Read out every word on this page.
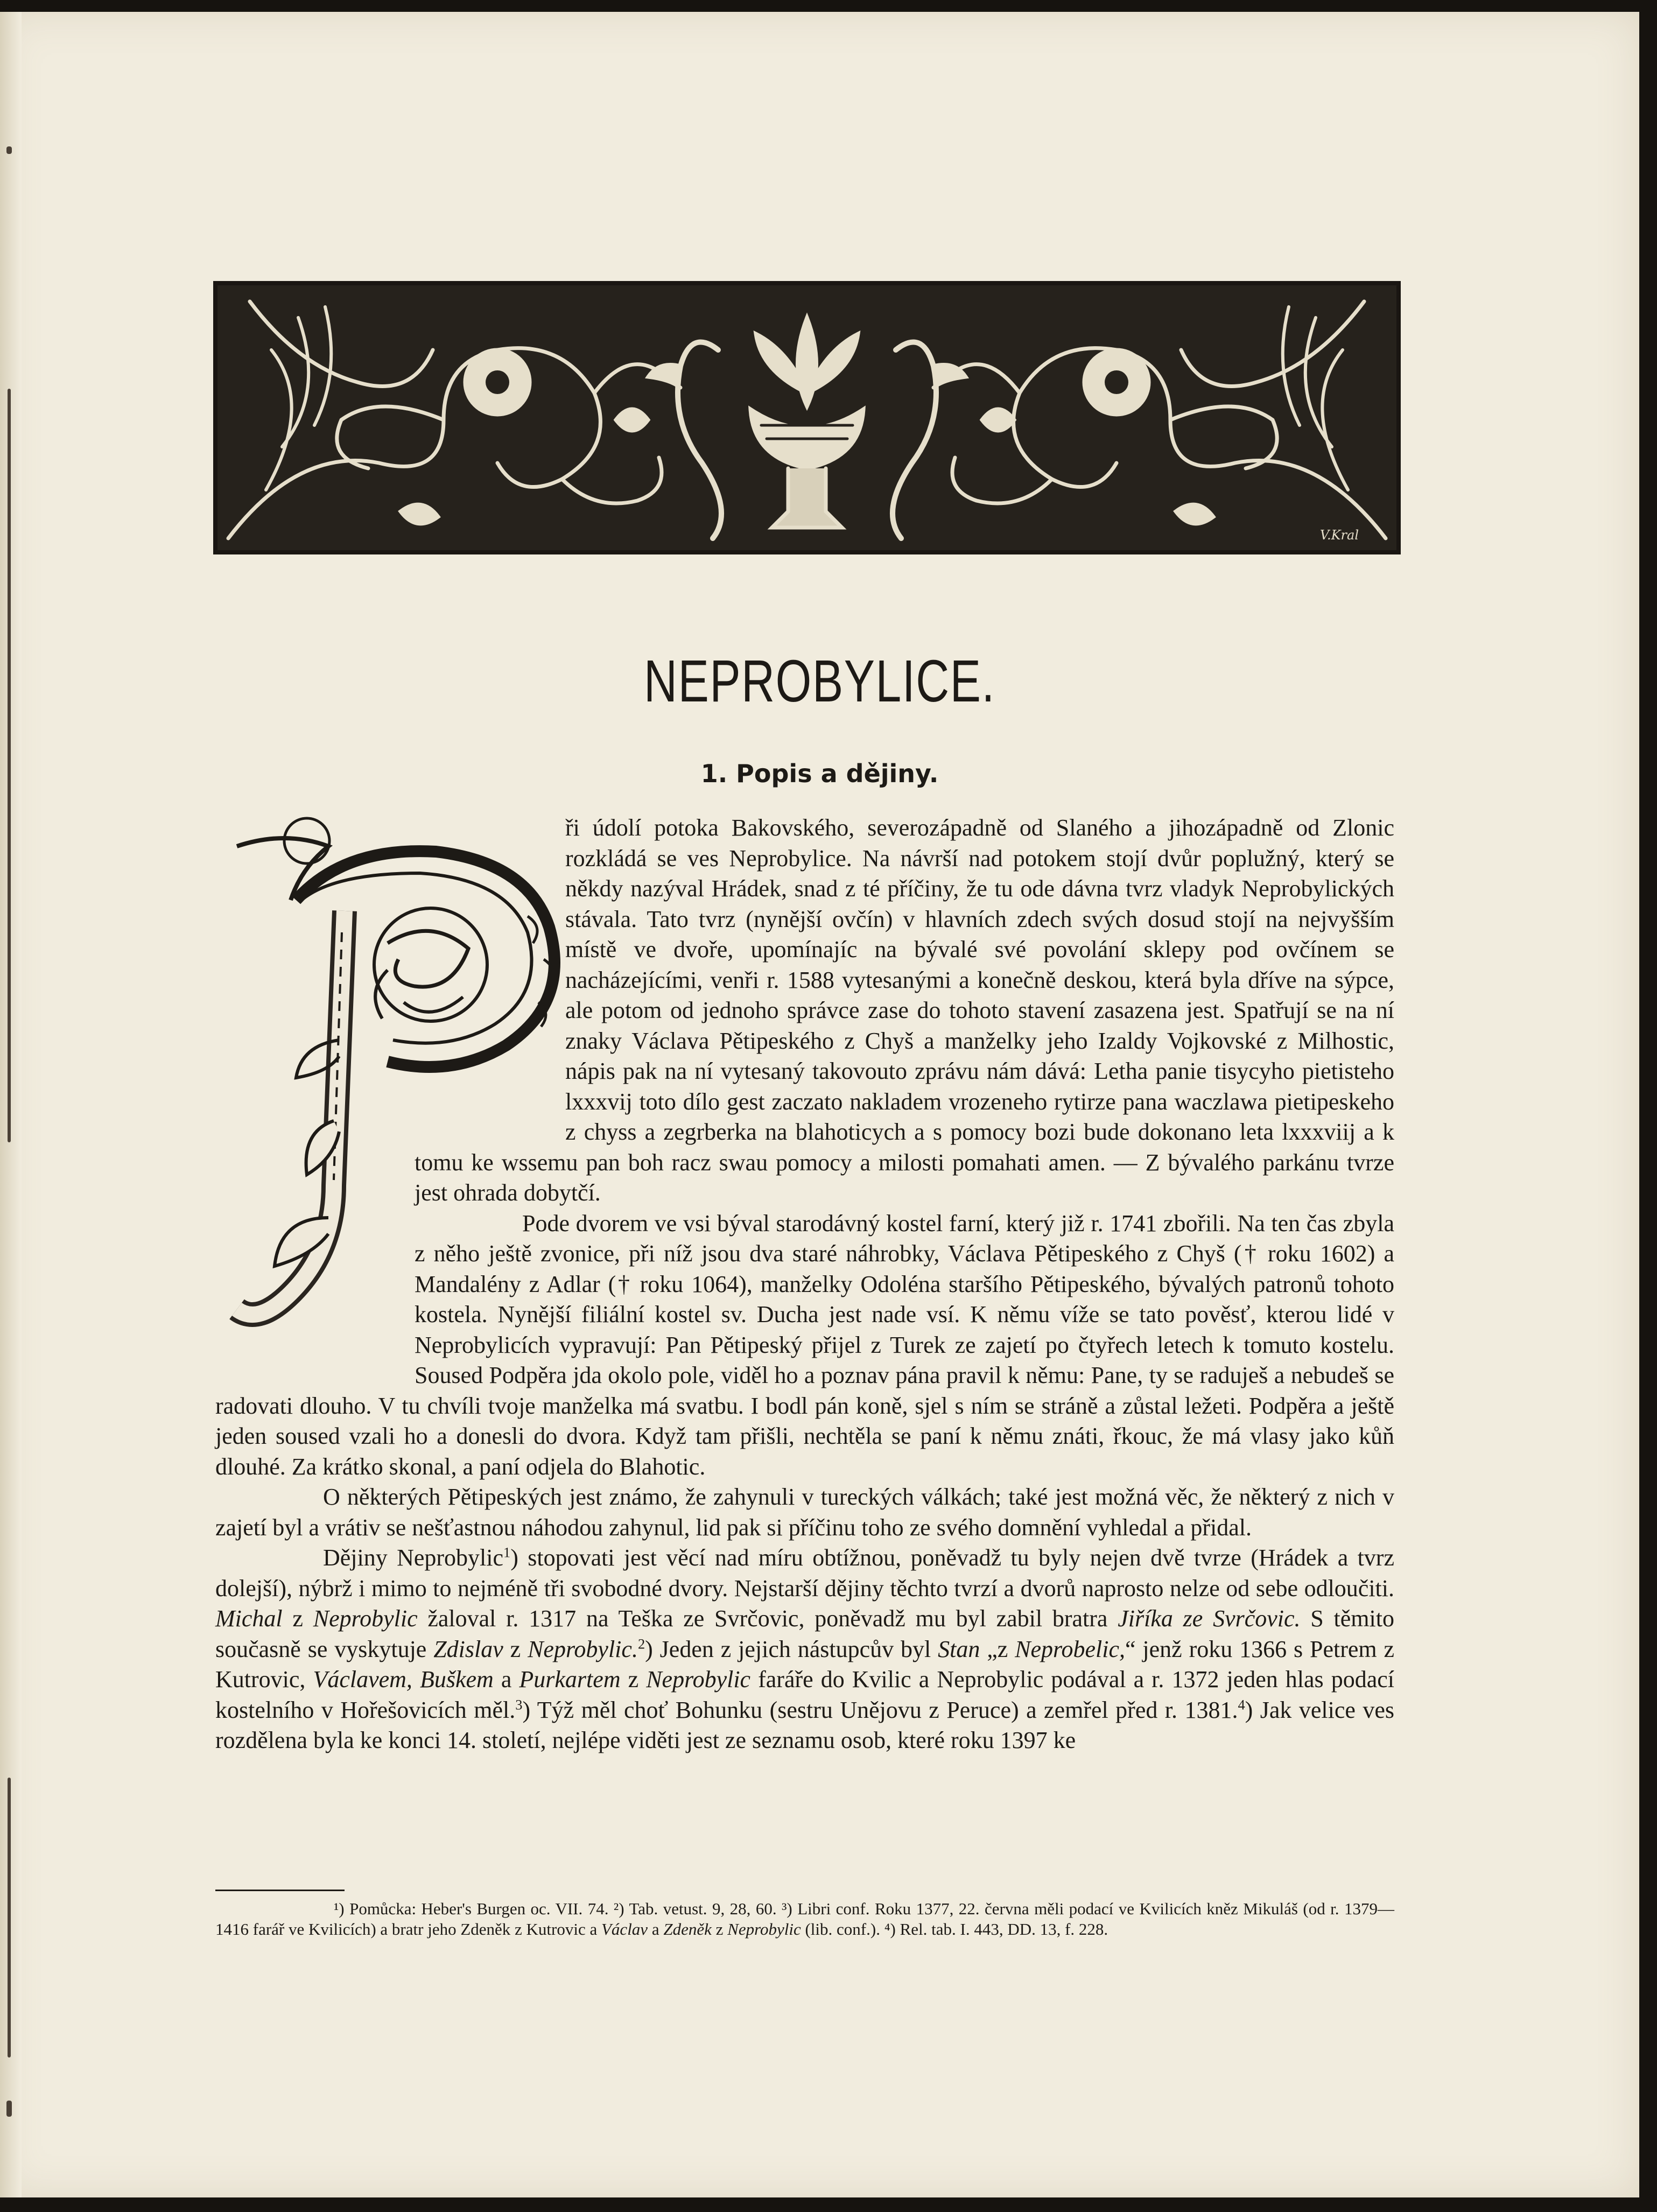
V.Kral
NEPROBYLICE.
1. Popis a dějiny.

ři údolí potoka Bakovského, severozápadně od Slaného a jihozápadně od Zlonic rozkládá se ves Neprobylice. Na návrší nad potokem stojí dvůr poplužný, který se někdy nazýval Hrádek, snad z té příčiny, že tu ode dávna tvrz vladyk Neprobylických stávala. Tato tvrz (nynější ovčín) v hlavních zdech svých dosud stojí na nejvyšším místě ve dvoře, upomínajíc na bývalé své povolání sklepy pod ovčínem se nacházejícími, venři r. 1588 vytesanými a konečně deskou, která byla dříve na sýpce, ale potom od jednoho správce zase do tohoto stavení zasazena jest. Spatřují se na ní znaky Václava Pětipeského z Chyš a manželky jeho Izaldy Vojkovské z Milhostic, nápis pak na ní vytesaný takovouto zprávu nám dává: Letha panie tisycyho pietisteho lxxxvij toto dílo gest zaczato nakladem vrozeneho rytirze pana waczlawa pietipeskeho z chyss a zegrberka na blahoticych a s pomocy bozi bude dokonano leta lxxxviij a k tomu ke wssemu pan boh racz swau pomocy a milosti pomahati amen. — Z bývalého parkánu tvrze jest ohrada dobytčí.

Pode dvorem ve vsi býval starodávný kostel farní, který již r. 1741 zbořili. Na ten čas zbyla z něho ještě zvonice, při níž jsou dva staré náhrobky, Václava Pětipeského z Chyš († roku 1602) a Mandalény z Adlar († roku 1064), manželky Odoléna staršího Pětipeského, bývalých patronů tohoto kostela. Nynější filiální kostel sv. Ducha jest nade vsí. K němu víže se tato pověsť, kterou lidé v Neprobylicích vypravují: Pan Pětipeský přijel z Turek ze zajetí po čtyřech letech k tomuto kostelu. Soused Podpěra jda okolo pole, viděl ho a poznav pána pravil k němu: Pane, ty se raduješ a nebudeš se radovati dlouho. V tu chvíli tvoje manželka má svatbu. I bodl pán koně, sjel s ním se stráně a zůstal ležeti. Podpěra a ještě jeden soused vzali ho a donesli do dvora. Když tam přišli, nechtěla se paní k němu znáti, řkouc, že má vlasy jako kůň dlouhé. Za krátko skonal, a paní odjela do Blahotic.

O některých Pětipeských jest známo, že zahynuli v tureckých válkách; také jest možná věc, že některý z nich v zajetí byl a vrátiv se nešťastnou náhodou zahynul, lid pak si příčinu toho ze svého domnění vyhledal a přidal.

Dějiny Neprobylic$^1$) stopovati jest věcí nad míru obtížnou, poněvadž tu byly nejen dvě tvrze (Hrádek a tvrz dolejší), nýbrž i mimo to nejméně tři svobodné dvory. Nejstarší dějiny těchto tvrzí a dvorů naprosto nelze od sebe odloučiti. Michal z Neprobylic žaloval r. 1317 na Teška ze Svrčovic, poněvadž mu byl zabil bratra Jiříka ze Svrčovic. S těmito současně se vyskytuje Zdislav z Neprobylic.$^2$) Jeden z jejich nástupcův byl Stan „z Neprobelic,“ jenž roku 1366 s Petrem z Kutrovic, Václavem, Buškem a Purkartem z Neprobylic faráře do Kvilic a Neprobylic podával a r. 1372 jeden hlas podací kostelního v Hořešovicích měl.$^3$) Týž měl choť Bohunku (sestru Unějovu z Peruce) a zemřel před r. 1381.$^4$) Jak velice ves rozdělena byla ke konci 14. století, nejlépe viděti jest ze seznamu osob, které roku 1397 ke

¹) Pomůcka: Heber's Burgen oc. VII. 74. ²) Tab. vetust. 9, 28, 60. ³) Libri conf. Roku 1377, 22. června měli podací ve Kvilicích kněz Mikuláš (od r. 1379—1416 farář ve Kvilicích) a bratr jeho Zdeněk z Kutrovic a Václav a Zdeněk z Neprobylic (lib. conf.). ⁴) Rel. tab. I. 443, DD. 13, f. 228.
